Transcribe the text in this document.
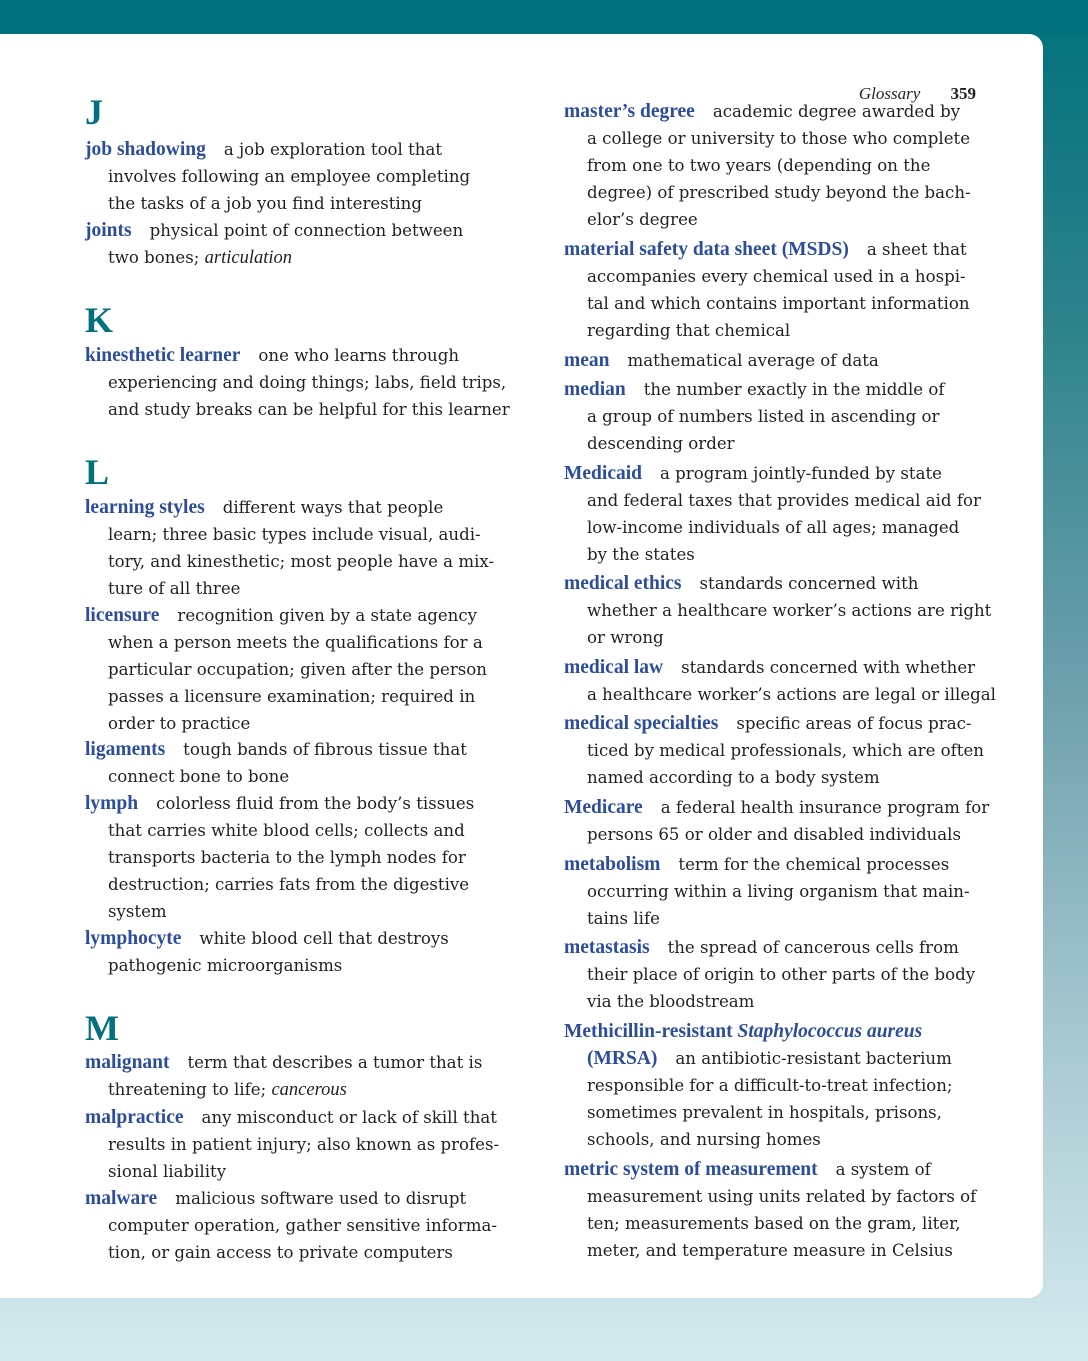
Glossary 359
J
job shadowing a job exploration tool that
involves following an employee completing
the tasks of a job you find interesting
joints physical point of connection between
two bones; articulation
K
kinesthetic learner one who learns through
experiencing and doing things; labs, field trips,
and study breaks can be helpful for this learner
L
learning styles different ways that people
learn; three basic types include visual, audi-
tory, and kinesthetic; most people have a mix-
ture of all three
licensure recognition given by a state agency
when a person meets the qualifications for a
particular occupation; given after the person
passes a licensure examination; required in
order to practice
ligaments tough bands of fibrous tissue that
connect bone to bone
lymph colorless fluid from the body’s tissues
that carries white blood cells; collects and
transports bacteria to the lymph nodes for
destruction; carries fats from the digestive
system
lymphocyte white blood cell that destroys
pathogenic microorganisms
M
malignant term that describes a tumor that is
threatening to life; cancerous
malpractice any misconduct or lack of skill that
results in patient injury; also known as profes-
sional liability
malware malicious software used to disrupt
computer operation, gather sensitive informa-
tion, or gain access to private computers
master’s degree academic degree awarded by
a college or university to those who complete
from one to two years (depending on the
degree) of prescribed study beyond the bach-
elor’s degree
material safety data sheet (MSDS) a sheet that
accompanies every chemical used in a hospi-
tal and which contains important information
regarding that chemical
mean mathematical average of data
median the number exactly in the middle of
a group of numbers listed in ascending or
descending order
Medicaid a program jointly-funded by state
and federal taxes that provides medical aid for
low-income individuals of all ages; managed
by the states
medical ethics standards concerned with
whether a healthcare worker’s actions are right
or wrong
medical law standards concerned with whether
a healthcare worker’s actions are legal or illegal
medical specialties specific areas of focus prac-
ticed by medical professionals, which are often
named according to a body system
Medicare a federal health insurance program for
persons 65 or older and disabled individuals
metabolism term for the chemical processes
occurring within a living organism that main-
tains life
metastasis the spread of cancerous cells from
their place of origin to other parts of the body
via the bloodstream
Methicillin-resistant Staphylococcus aureus
(MRSA) an antibiotic-resistant bacterium
responsible for a difficult-to-treat infection;
sometimes prevalent in hospitals, prisons,
schools, and nursing homes
metric system of measurement a system of
measurement using units related by factors of
ten; measurements based on the gram, liter,
meter, and temperature measure in Celsius
